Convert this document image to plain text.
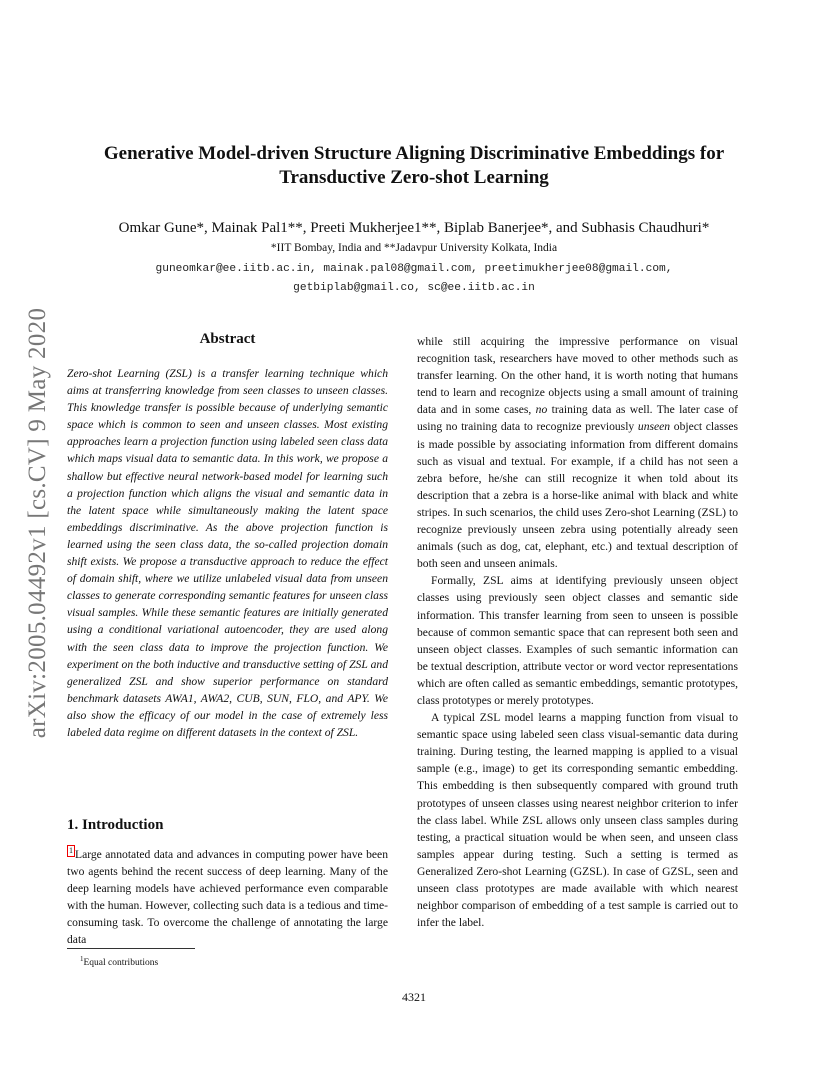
arXiv:2005.04492v1 [cs.CV] 9 May 2020
Generative Model-driven Structure Aligning Discriminative Embeddings for Transductive Zero-shot Learning
Omkar Gune*, Mainak Pal1**, Preeti Mukherjee1**, Biplab Banerjee*, and Subhasis Chaudhuri*
*IIT Bombay, India and **Jadavpur University Kolkata, India
guneomkar@ee.iitb.ac.in, mainak.pal08@gmail.com, preetimukherjee08@gmail.com,
getbiplab@gmail.co, sc@ee.iitb.ac.in
Abstract

Zero-shot Learning (ZSL) is a transfer learning technique which aims at transferring knowledge from seen classes to unseen classes. This knowledge transfer is possible because of underlying semantic space which is common to seen and unseen classes. Most existing approaches learn a projection function using labeled seen class data which maps visual data to semantic data. In this work, we propose a shallow but effective neural network-based model for learning such a projection function which aligns the visual and semantic data in the latent space while simultaneously making the latent space embeddings discriminative. As the above projection function is learned using the seen class data, the so-called projection domain shift exists. We propose a transductive approach to reduce the effect of domain shift, where we utilize unlabeled visual data from unseen classes to generate corresponding semantic features for unseen class visual samples. While these semantic features are initially generated using a conditional variational autoencoder, they are used along with the seen class data to improve the projection function. We experiment on the both inductive and transductive setting of ZSL and generalized ZSL and show superior performance on standard benchmark datasets AWA1, AWA2, CUB, SUN, FLO, and APY. We also show the efficacy of our model in the case of extremely less labeled data regime on different datasets in the context of ZSL.

1. Introduction

1 Large annotated data and advances in computing power have been two agents behind the recent success of deep learning. Many of the deep learning models have achieved performance even comparable with the human. However, collecting such data is a tedious and time-consuming task. To overcome the challenge of annotating the large data

$^1$Equal contributions

while still acquiring the impressive performance on visual recognition task, researchers have moved to other methods such as transfer learning. On the other hand, it is worth noting that humans tend to learn and recognize objects using a small amount of training data and in some cases, no training data as well. The later case of using no training data to recognize previously unseen object classes is made possible by associating information from different domains such as visual and textual. For example, if a child has not seen a zebra before, he/she can still recognize it when told about its description that a zebra is a horse-like animal with black and white stripes. In such scenarios, the child uses Zero-shot Learning (ZSL) to recognize previously unseen zebra using potentially already seen animals (such as dog, cat, elephant, etc.) and textual description of both seen and unseen animals.

Formally, ZSL aims at identifying previously unseen object classes using previously seen object classes and semantic side information. This transfer learning from seen to unseen is possible because of common semantic space that can represent both seen and unseen object classes. Examples of such semantic information can be textual description, attribute vector or word vector representations which are often called as semantic embeddings, semantic prototypes, class prototypes or merely prototypes.

A typical ZSL model learns a mapping function from visual to semantic space using labeled seen class visual-semantic data during training. During testing, the learned mapping is applied to a visual sample (e.g., image) to get its corresponding semantic embedding. This embedding is then subsequently compared with ground truth prototypes of unseen classes using nearest neighbor criterion to infer the class label. While ZSL allows only unseen class samples during testing, a practical situation would be when seen, and unseen class samples appear during testing. Such a setting is termed as Generalized Zero-shot Learning (GZSL). In case of GZSL, seen and unseen class prototypes are made available with which nearest neighbor comparison of embedding of a test sample is carried out to infer the label.

4321
